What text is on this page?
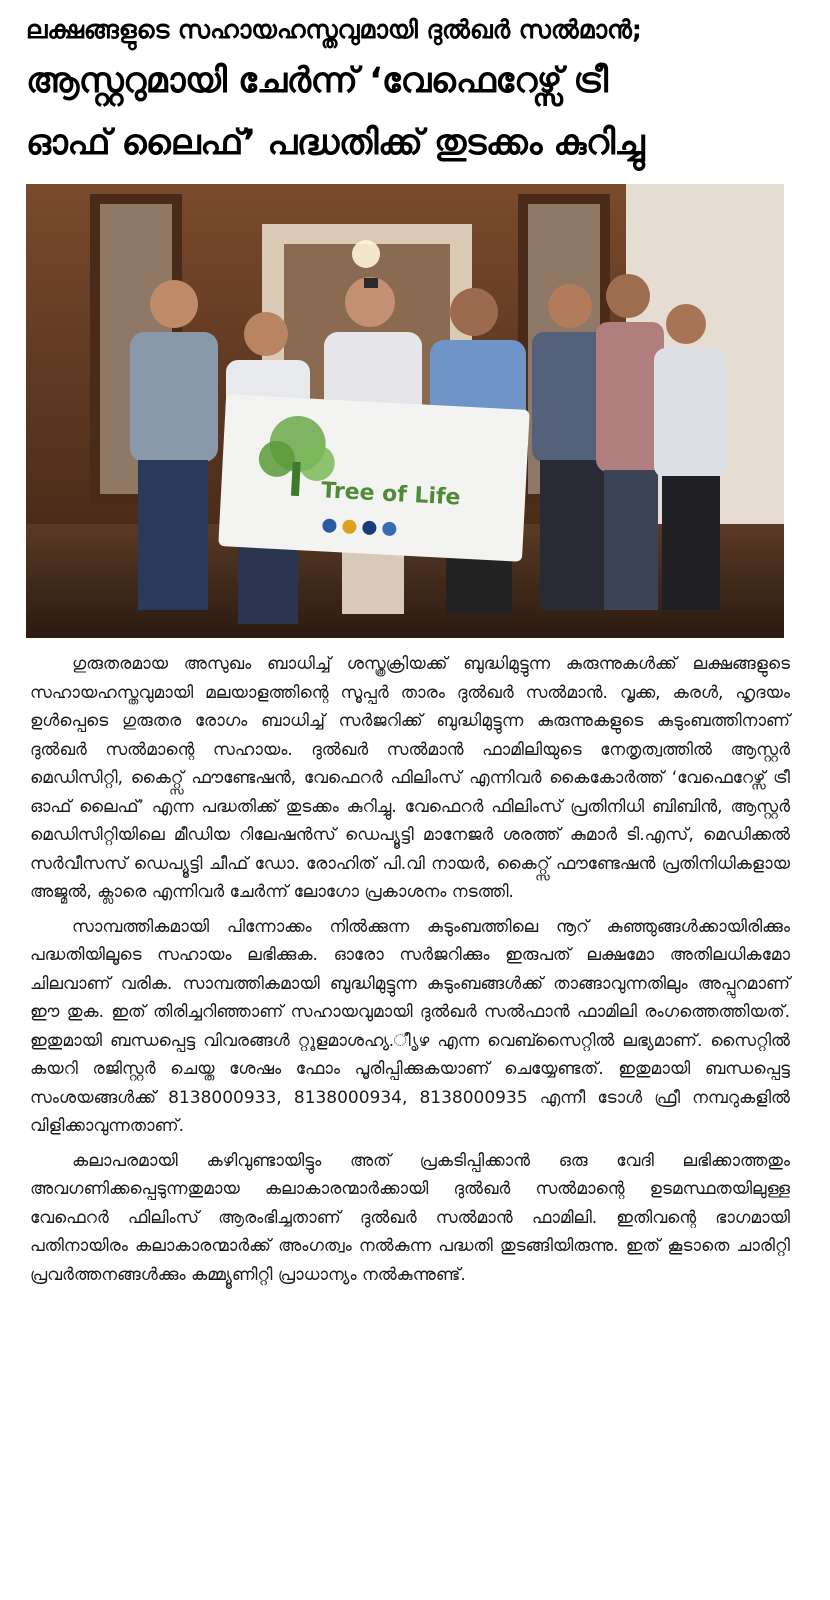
ലക്ഷങ്ങളുടെ സഹായഹസ്തവുമായി ദുൽഖർ സൽമാൻ;
ആസ്റ്ററുമായി ചേർന്ന് ‘വേഫെറേഴ്സ് ട്രീ
ഓഫ് ലൈഫ്’ പദ്ധതിക്ക് തുടക്കം കുറിച്ചു
Tree of Life

ഗുരുതരമായ അസുഖം ബാധിച്ച് ശസ്ത്രക്രിയക്ക് ബുദ്ധിമുട്ടുന്ന കുരുന്നുകൾക്ക് ലക്ഷങ്ങളുടെ സഹായഹസ്തവുമായി മലയാളത്തിന്റെ സൂപ്പർ താരം ദുൽഖർ സൽമാൻ. വൃക്ക, കരൾ, ഹൃദയം ഉൾപ്പെടെ ഗുരുതര രോഗം ബാധിച്ച് സർജറിക്ക് ബുദ്ധിമുട്ടുന്ന കുരുന്നുകളുടെ കുടുംബത്തിനാണ് ദുൽഖർ സൽമാന്റെ സഹായം. ദുൽഖർ സൽമാൻ ഫാമിലിയുടെ നേതൃത്വത്തിൽ ആസ്റ്റർ മെഡിസിറ്റി, കൈറ്റ്സ് ഫൗണ്ടേഷൻ, വേഫെറർ ഫിലിംസ് എന്നിവർ കൈകോർത്ത് ‘വേഫെറേഴ്സ് ട്രീ ഓഫ് ലൈഫ്’ എന്ന പദ്ധതിക്ക് തുടക്കം കുറിച്ചു. വേഫെറർ ഫിലിംസ് പ്രതിനിധി ബിബിൻ, ആസ്റ്റർ മെഡിസിറ്റിയിലെ മീഡിയ റിലേഷൻസ് ഡെപ്യൂട്ടി മാനേജർ ശരത്ത് കുമാർ ടി.എസ്, മെഡിക്കൽ സർവീസസ് ഡെപ്യൂട്ടി ചീഫ് ഡോ. രോഹിത് പി.വി നായർ, കൈറ്റ്സ് ഫൗണ്ടേഷൻ പ്രതിനിധികളായ അജ്മൽ, ക്ലാരെ എന്നിവർ ചേർന്ന് ലോഗോ പ്രകാശനം നടത്തി.

സാമ്പത്തികമായി പിന്നോക്കം നിൽക്കുന്ന കുടുംബത്തിലെ നൂറ് കുഞ്ഞുങ്ങൾക്കായിരിക്കും പദ്ധതിയിലൂടെ സഹായം ലഭിക്കുക. ഓരോ സർജറിക്കും ഇരുപത് ലക്ഷമോ അതിലധികമോ ചിലവാണ് വരിക. സാമ്പത്തികമായി ബുദ്ധിമുട്ടുന്ന കുടുംബങ്ങൾക്ക് താങ്ങാവുന്നതിലും അപ്പുറമാണ് ഈ തുക. ഇത് തിരിച്ചറിഞ്ഞാണ് സഹായവുമായി ദുൽഖർ സൽഫാൻ ഫാമിലി രംഗത്തെത്തിയത്. ഇതുമായി ബന്ധപ്പെട്ട വിവരങ്ങൾ റ്റൂളമാശഹ്യ.ീൃഴ എന്ന വെബ്സൈറ്റിൽ ലഭ്യമാണ്. സൈറ്റിൽ കയറി രജിസ്റ്റർ ചെയ്ത ശേഷം ഫോം പൂരിപ്പിക്കുകയാണ് ചെയ്യേണ്ടത്. ഇതുമായി ബന്ധപ്പെട്ട സംശയങ്ങൾക്ക് 8138000933, 8138000934, 8138000935 എന്നീ ടോൾ ഫ്രീ നമ്പറുകളിൽ വിളിക്കാവുന്നതാണ്.

കലാപരമായി കഴിവുണ്ടായിട്ടും അത് പ്രകടിപ്പിക്കാൻ ഒരു വേദി ലഭിക്കാത്തതും അവഗണിക്കപ്പെടുന്നതുമായ കലാകാരന്മാർക്കായി ദുൽഖർ സൽമാന്റെ ഉടമസ്ഥതയിലുള്ള വേഫെറർ ഫിലിംസ് ആരംഭിച്ചതാണ് ദുൽഖർ സൽമാൻ ഫാമിലി. ഇതിവന്റെ ഭാഗമായി പതിനായിരം കലാകാരന്മാർക്ക് അംഗത്വം നൽകുന്ന പദ്ധതി തുടങ്ങിയിരുന്നു. ഇത് കൂടാതെ ചാരിറ്റി പ്രവർത്തനങ്ങൾക്കും കമ്മ്യൂണിറ്റി പ്രാധാന്യം നൽകുന്നുണ്ട്.
